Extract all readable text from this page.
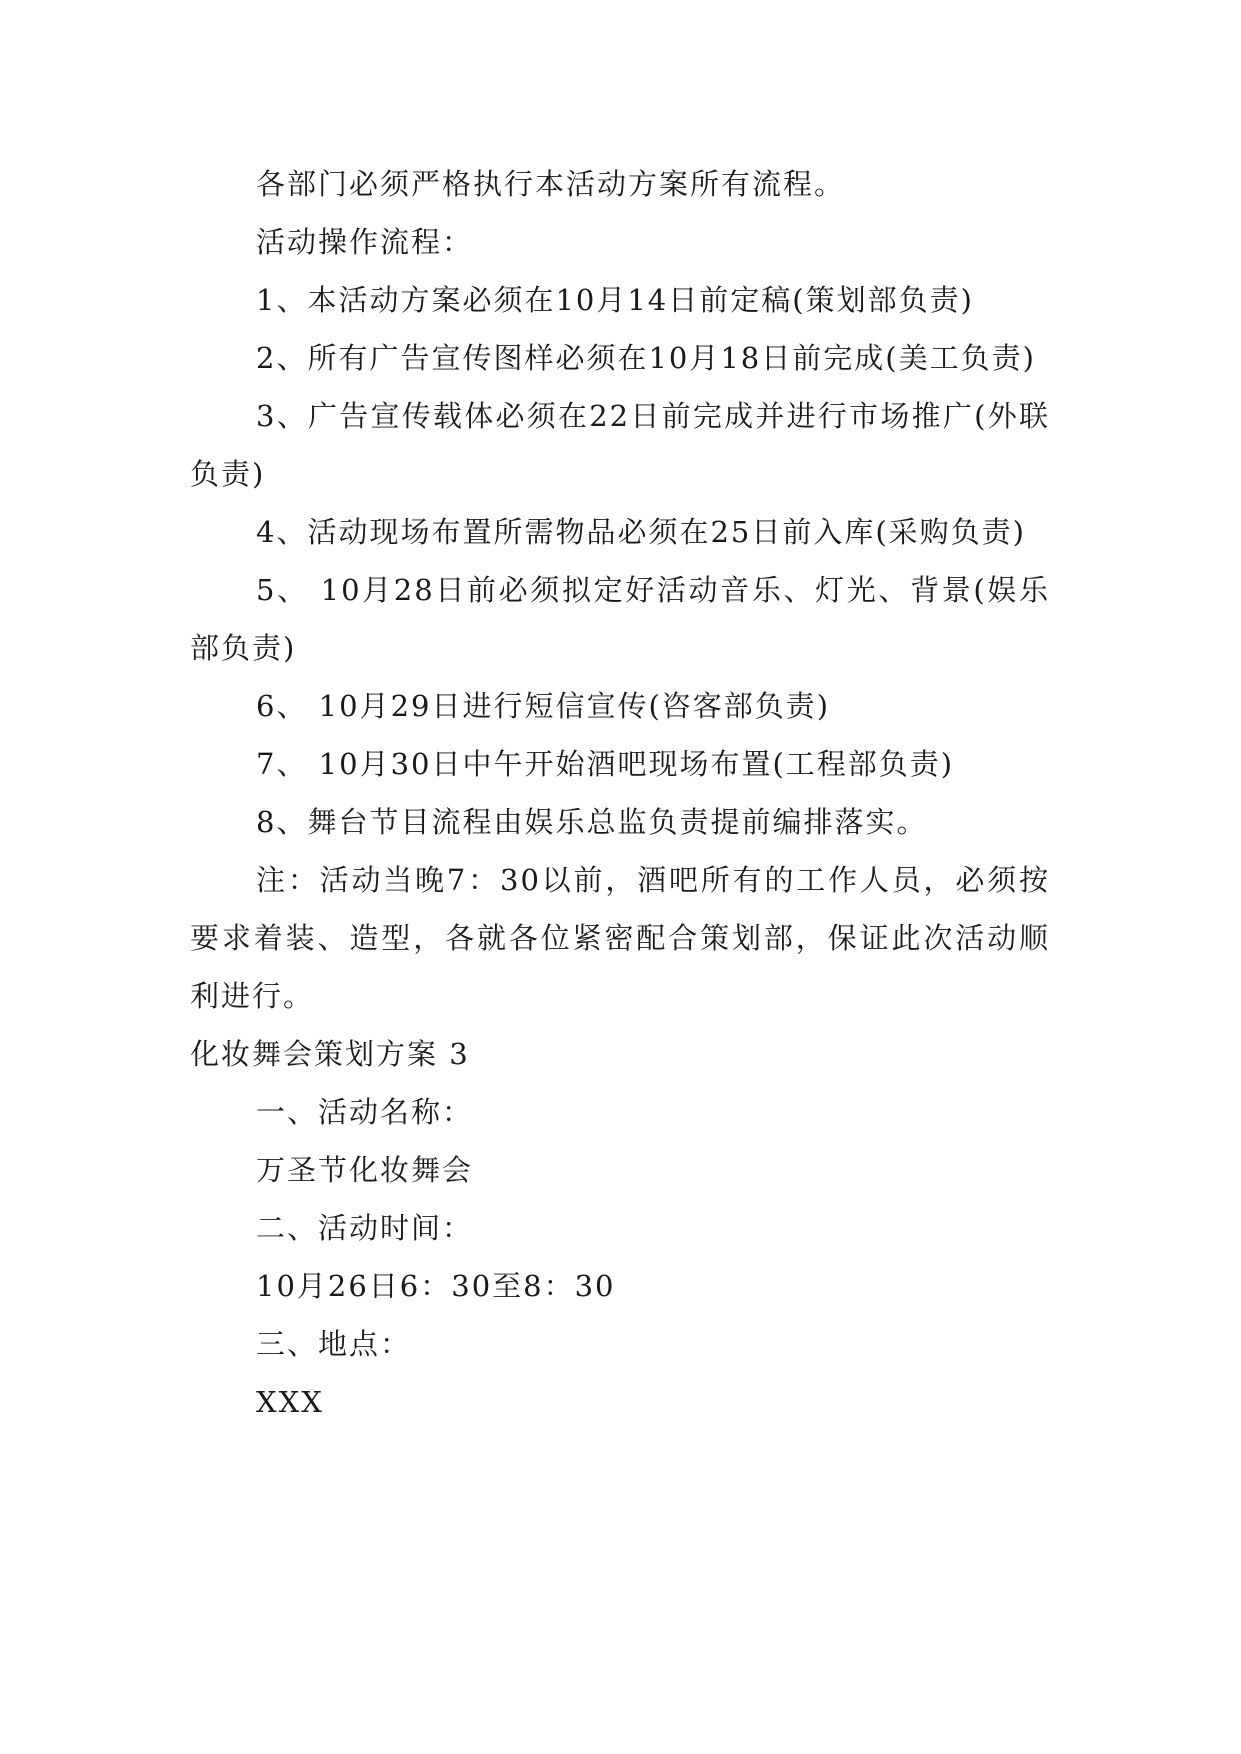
各部门必须严格执行本活动方案所有流程。

活动操作流程：

1、本活动方案必须在10月14日前定稿(策划部负责)

2、所有广告宣传图样必须在10月18日前完成(美工负责)

3、广告宣传载体必须在22日前完成并进行市场推广(外联负责)

4、活动现场布置所需物品必须在25日前入库(采购负责)

5、 10月28日前必须拟定好活动音乐、灯光、背景(娱乐部负责)

6、 10月29日进行短信宣传(咨客部负责)

7、 10月30日中午开始酒吧现场布置(工程部负责)

8、舞台节目流程由娱乐总监负责提前编排落实。

注：活动当晚7：30以前，酒吧所有的工作人员，必须按要求着装、造型，各就各位紧密配合策划部，保证此次活动顺利进行。

化妆舞会策划方案 3

一、活动名称：

万圣节化妆舞会

二、活动时间：

10月26日6：30至8：30

三、地点：

XXX
